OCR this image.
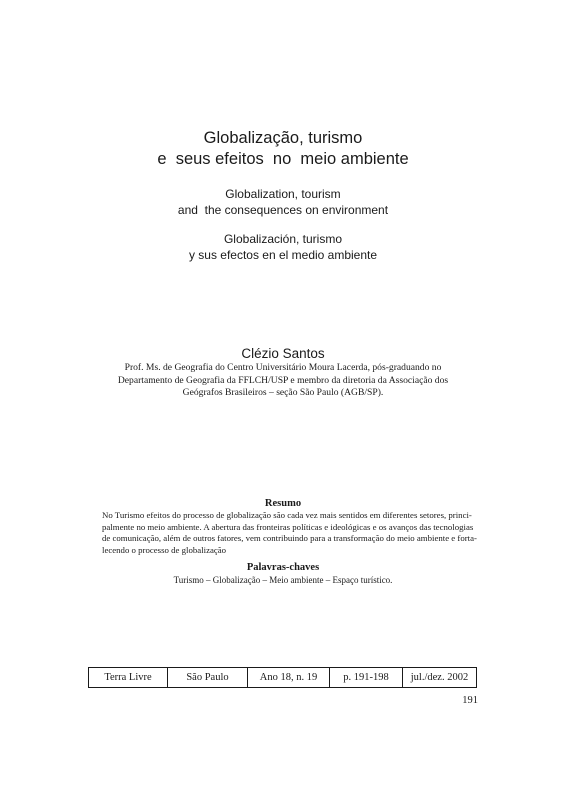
Globalização, turismo
e  seus efeitos  no  meio ambiente
Globalization, tourism
and  the consequences on environment
Globalización, turismo
y sus efectos en el medio ambiente
Clézio Santos
Prof. Ms. de Geografia do Centro Universitário Moura Lacerda, pós-graduando no
Departamento de Geografia da FFLCH/USP e membro da diretoria da Associação dos
Geógrafos Brasileiros – seção São Paulo (AGB/SP).
Resumo
No Turismo efeitos do processo de globalização são cada vez mais sentidos em diferentes setores, princi-
palmente no meio ambiente. A abertura das fronteiras políticas e ideológicas e os avanços das tecnologias
de comunicação, além de outros fatores, vem contribuindo para a transformação do meio ambiente e forta-
lecendo o processo de globalização
Palavras-chaves
Turismo – Globalização – Meio ambiente – Espaço turístico.
Terra Livre	São Paulo	Ano 18, n. 19	p. 191-198	jul./dez. 2002
191
